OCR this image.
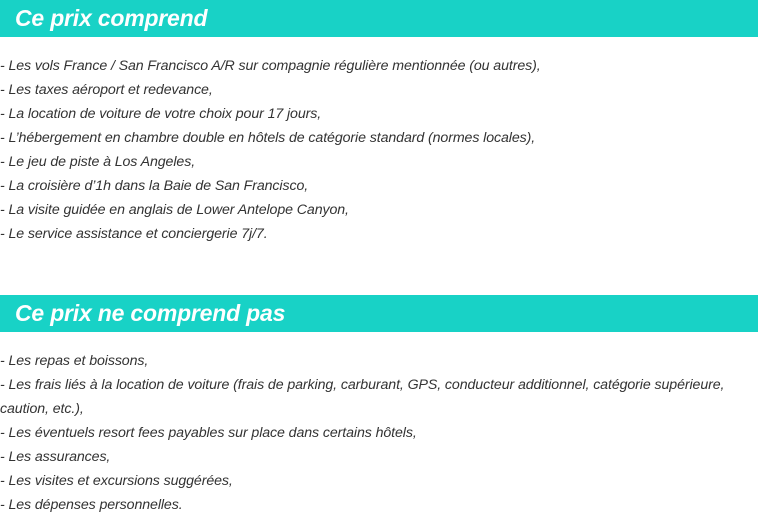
Ce prix comprend
- Les vols France / San Francisco A/R sur compagnie régulière mentionnée (ou autres),
- Les taxes aéroport et redevance,
- La location de voiture de votre choix pour 17 jours,
- L’hébergement en chambre double en hôtels de catégorie standard (normes locales),
- Le jeu de piste à Los Angeles,
- La croisière d’1h dans la Baie de San Francisco,
- La visite guidée en anglais de Lower Antelope Canyon,
- Le service assistance et conciergerie 7j/7.
Ce prix ne comprend pas
- Les repas et boissons,
- Les frais liés à la location de voiture (frais de parking, carburant, GPS, conducteur additionnel, catégorie supérieure, caution, etc.),
- Les éventuels resort fees payables sur place dans certains hôtels,
- Les assurances,
- Les visites et excursions suggérées,
- Les dépenses personnelles.
